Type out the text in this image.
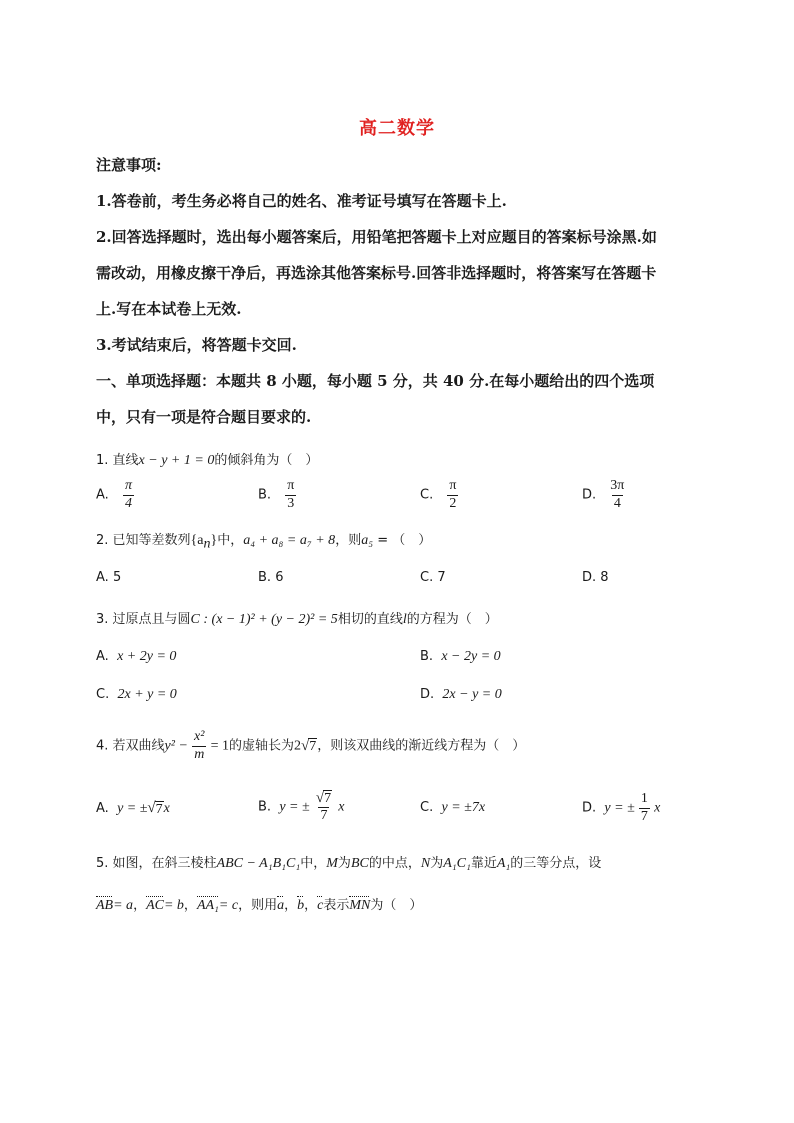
高二数学
注意事项:
1.答卷前，考生务必将自己的姓名、准考证号填写在答题卡上.
2.回答选择题时，选出每小题答案后，用铅笔把答题卡上对应题目的答案标号涂黑.如
需改动，用橡皮擦干净后，再选涂其他答案标号.回答非选择题时，将答案写在答题卡
上.写在本试卷上无效.
3.考试结束后，将答题卡交回.
一、单项选择题：本题共 8 小题，每小题 5 分，共 40 分.在每小题给出的四个选项
中，只有一项是符合题目要求的.
1. 直线x − y + 1 = 0的倾斜角为（　）
A. $\frac{\pi}{4}$	B. $\frac{\pi}{3}$	C. $\frac{\pi}{2}$	D. $\frac{3\pi}{4}$
2. 已知等差数列$\{a_n\}$中，a₄ + a₈ = a₇ + 8，则a₅ = （　）
A. 5	B. 6	C. 7	D. 8
3. 过原点且与圆C : (x − 1)² + (y − 2)² = 5相切的直线l的方程为（　）
A. x + 2y = 0	B. x − 2y = 0
C. 2x + y = 0	D. 2x − y = 0
4. 若双曲线$y^2 - \frac{\text{x²}}{m} = 1$的虚轴长为2 √ 7 ，则该双曲线的渐近线方程为（　）
A. y = ± √ 7 x	B. y = ± $\frac{√ 7}{7}$ x	C. y = ±7x	D. y = ± $\frac{1}{7}$ x
5. 如图，在斜三棱柱ABC − A₁B₁C₁中，M为BC的中点，N为A₁C₁靠近A₁的三等分点，设
AB= a，AC= b，AA₁= c，则用a，b，c表示MN为（　）
